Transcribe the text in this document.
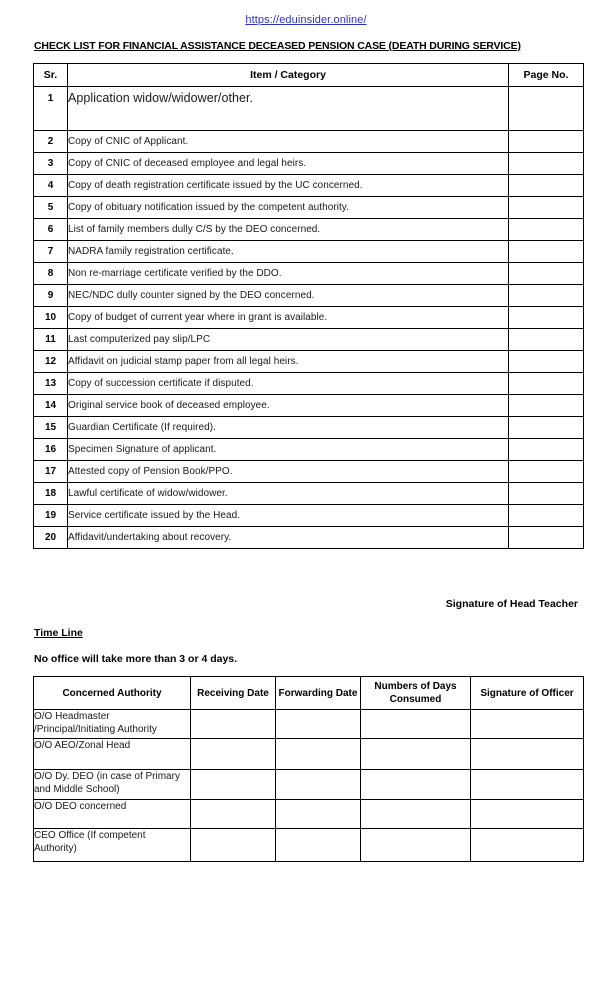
https://eduinsider.online/
CHECK LIST FOR FINANCIAL ASSISTANCE DECEASED PENSION CASE (DEATH DURING SERVICE)
Sr.	Item / Category	Page No.
1	Application widow/widower/other.	
2	Copy of CNIC of Applicant.	
3	Copy of CNIC of deceased employee and legal heirs.	
4	Copy of death registration certificate issued by the UC concerned.	
5	Copy of obituary notification issued by the competent authority.	
6	List of family members dully C/S by the DEO concerned.	
7	NADRA family registration certificate.	
8	Non re-marriage certificate verified by the DDO.	
9	NEC/NDC dully counter signed by the DEO concerned.	
10	Copy of budget of current year where in grant is available.	
11	Last computerized pay slip/LPC	
12	Affidavit on judicial stamp paper from all legal heirs.	
13	Copy of succession certificate if disputed.	
14	Original service book of deceased employee.	
15	Guardian Certificate (If required).	
16	Specimen Signature of applicant.	
17	Attested copy of Pension Book/PPO.	
18	Lawful certificate of widow/widower.	
19	Service certificate issued by the Head.	
20	Affidavit/undertaking about recovery.	
Signature of Head Teacher
Time Line
No office will take more than 3 or 4 days.
Concerned Authority	Receiving Date	Forwarding Date	Numbers of Days Consumed	Signature of Officer
O/O Headmaster /Principal/Initiating Authority				
O/O AEO/Zonal Head				
O/O Dy. DEO (in case of Primary and Middle School)				
O/O DEO concerned				
CEO Office (If competent Authority)				
